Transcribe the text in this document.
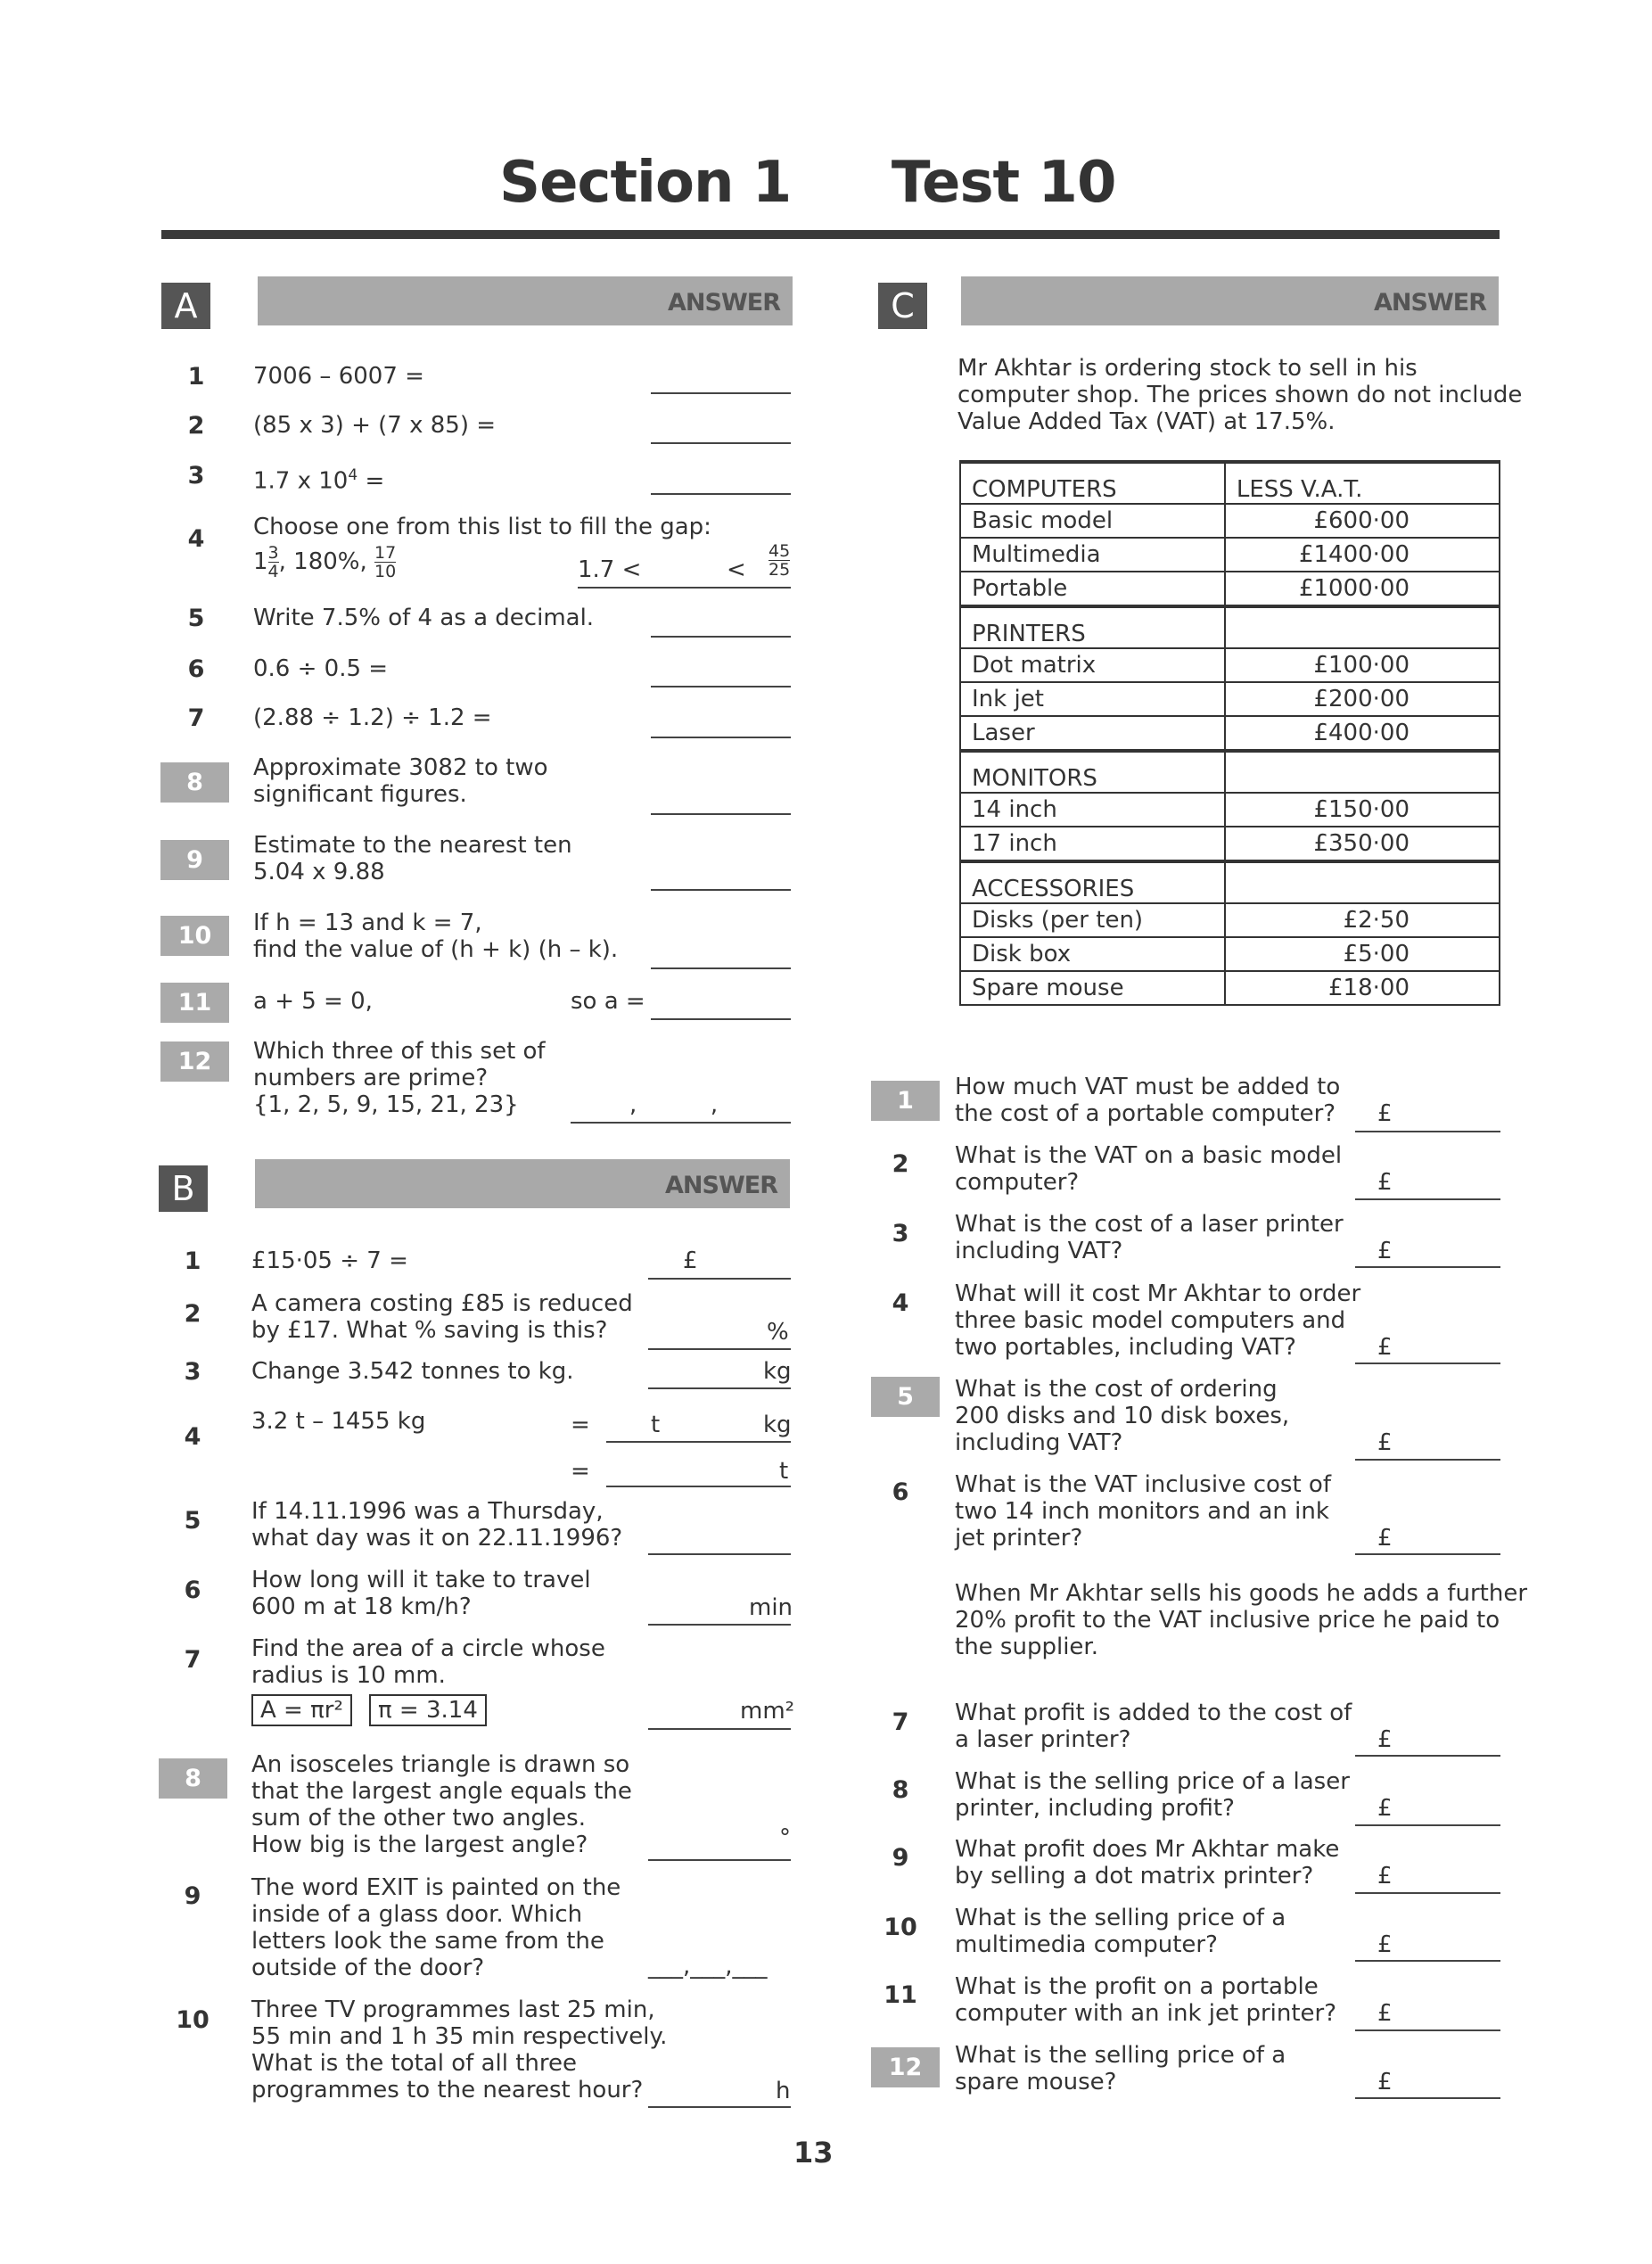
Section 1 Test 10
A	ANSWER
1	7006 – 6007 =
2	(85 x 3) + (7 x 85) =
3	1.7 x $10^4$ =
4	Choose one from this list to fill the gap:
$1 \frac{3}{4}$ , 180%, $\frac{17}{10}$	1.7 <	< $\frac{45}{25}$
5	Write 7.5% of 4 as a decimal.
6	0.6 ÷ 0.5 =
7	(2.88 ÷ 1.2) ÷ 1.2 =
8
Approximate 3082 to two
significant figures.
9
Estimate to the nearest ten
5.04 x 9.88
10	If h = 13 and k = 7,
find the value of (h + k) (h – k).
11	a + 5 = 0,	so a =
12	Which three of this set of
numbers are prime?
{1, 2, 5, 9, 15, 21, 23}	,          ,
B	ANSWER
1	£15·05 ÷ 7 =	£
2	A camera costing £85 is reduced
by £17. What % saving is this?	%
3	Change 3.542 tonnes to kg.	kg
4
3.2 t – 1455 kg	=	t	kg
=	t
5	If 14.11.1996 was a Thursday,
what day was it on 22.11.1996?
6	How long will it take to travel
600 m at 18 km/h?	min
7	Find the area of a circle whose
radius is 10 mm.
A = πr²	π = 3.14	mm²
8	An isosceles triangle is drawn so
that the largest angle equals the
sum of the other two angles.
How big is the largest angle?	°
9	The word EXIT is painted on the
inside of a glass door. Which
letters look the same from the
outside of the door?	___,___,___
10 Three TV programmes last 25 min,
55 min and 1 h 35 min respectively.
What is the total of all three
programmes to the nearest hour?	h
C	ANSWER
Mr Akhtar is ordering stock to sell in his
computer shop. The prices shown do not include
Value Added Tax (VAT) at 17.5%.
COMPUTERS	LESS V.A.T.
Basic model	£600·00
Multimedia	£1400·00
Portable	£1000·00
PRINTERS	
Dot matrix	£100·00
Ink jet	£200·00
Laser	£400·00
MONITORS	
14 inch	£150·00
17 inch	£350·00
ACCESSORIES	
Disks (per ten)	£2·50
Disk box	£5·00
Spare mouse	£18·00
1	How much VAT must be added to
the cost of a portable computer? £
2	What is the VAT on a basic model
computer?	£
3	What is the cost of a laser printer
including VAT?	£
4	What will it cost Mr Akhtar to order
three basic model computers and
two portables, including VAT?	£
5	What is the cost of ordering
200 disks and 10 disk boxes,
including VAT?	£
6	What is the VAT inclusive cost of
two 14 inch monitors and an ink
jet printer?	£
When Mr Akhtar sells his goods he adds a further
20% profit to the VAT inclusive price he paid to
the supplier.
7	What profit is added to the cost of
a laser printer?	£
8	What is the selling price of a laser
printer, including profit?	£
9	What profit does Mr Akhtar make
by selling a dot matrix printer?	£
10 What is the selling price of a
multimedia computer?	£
11 What is the profit on a portable
computer with an ink jet printer? £
12	What is the selling price of a
spare mouse?	£
13
